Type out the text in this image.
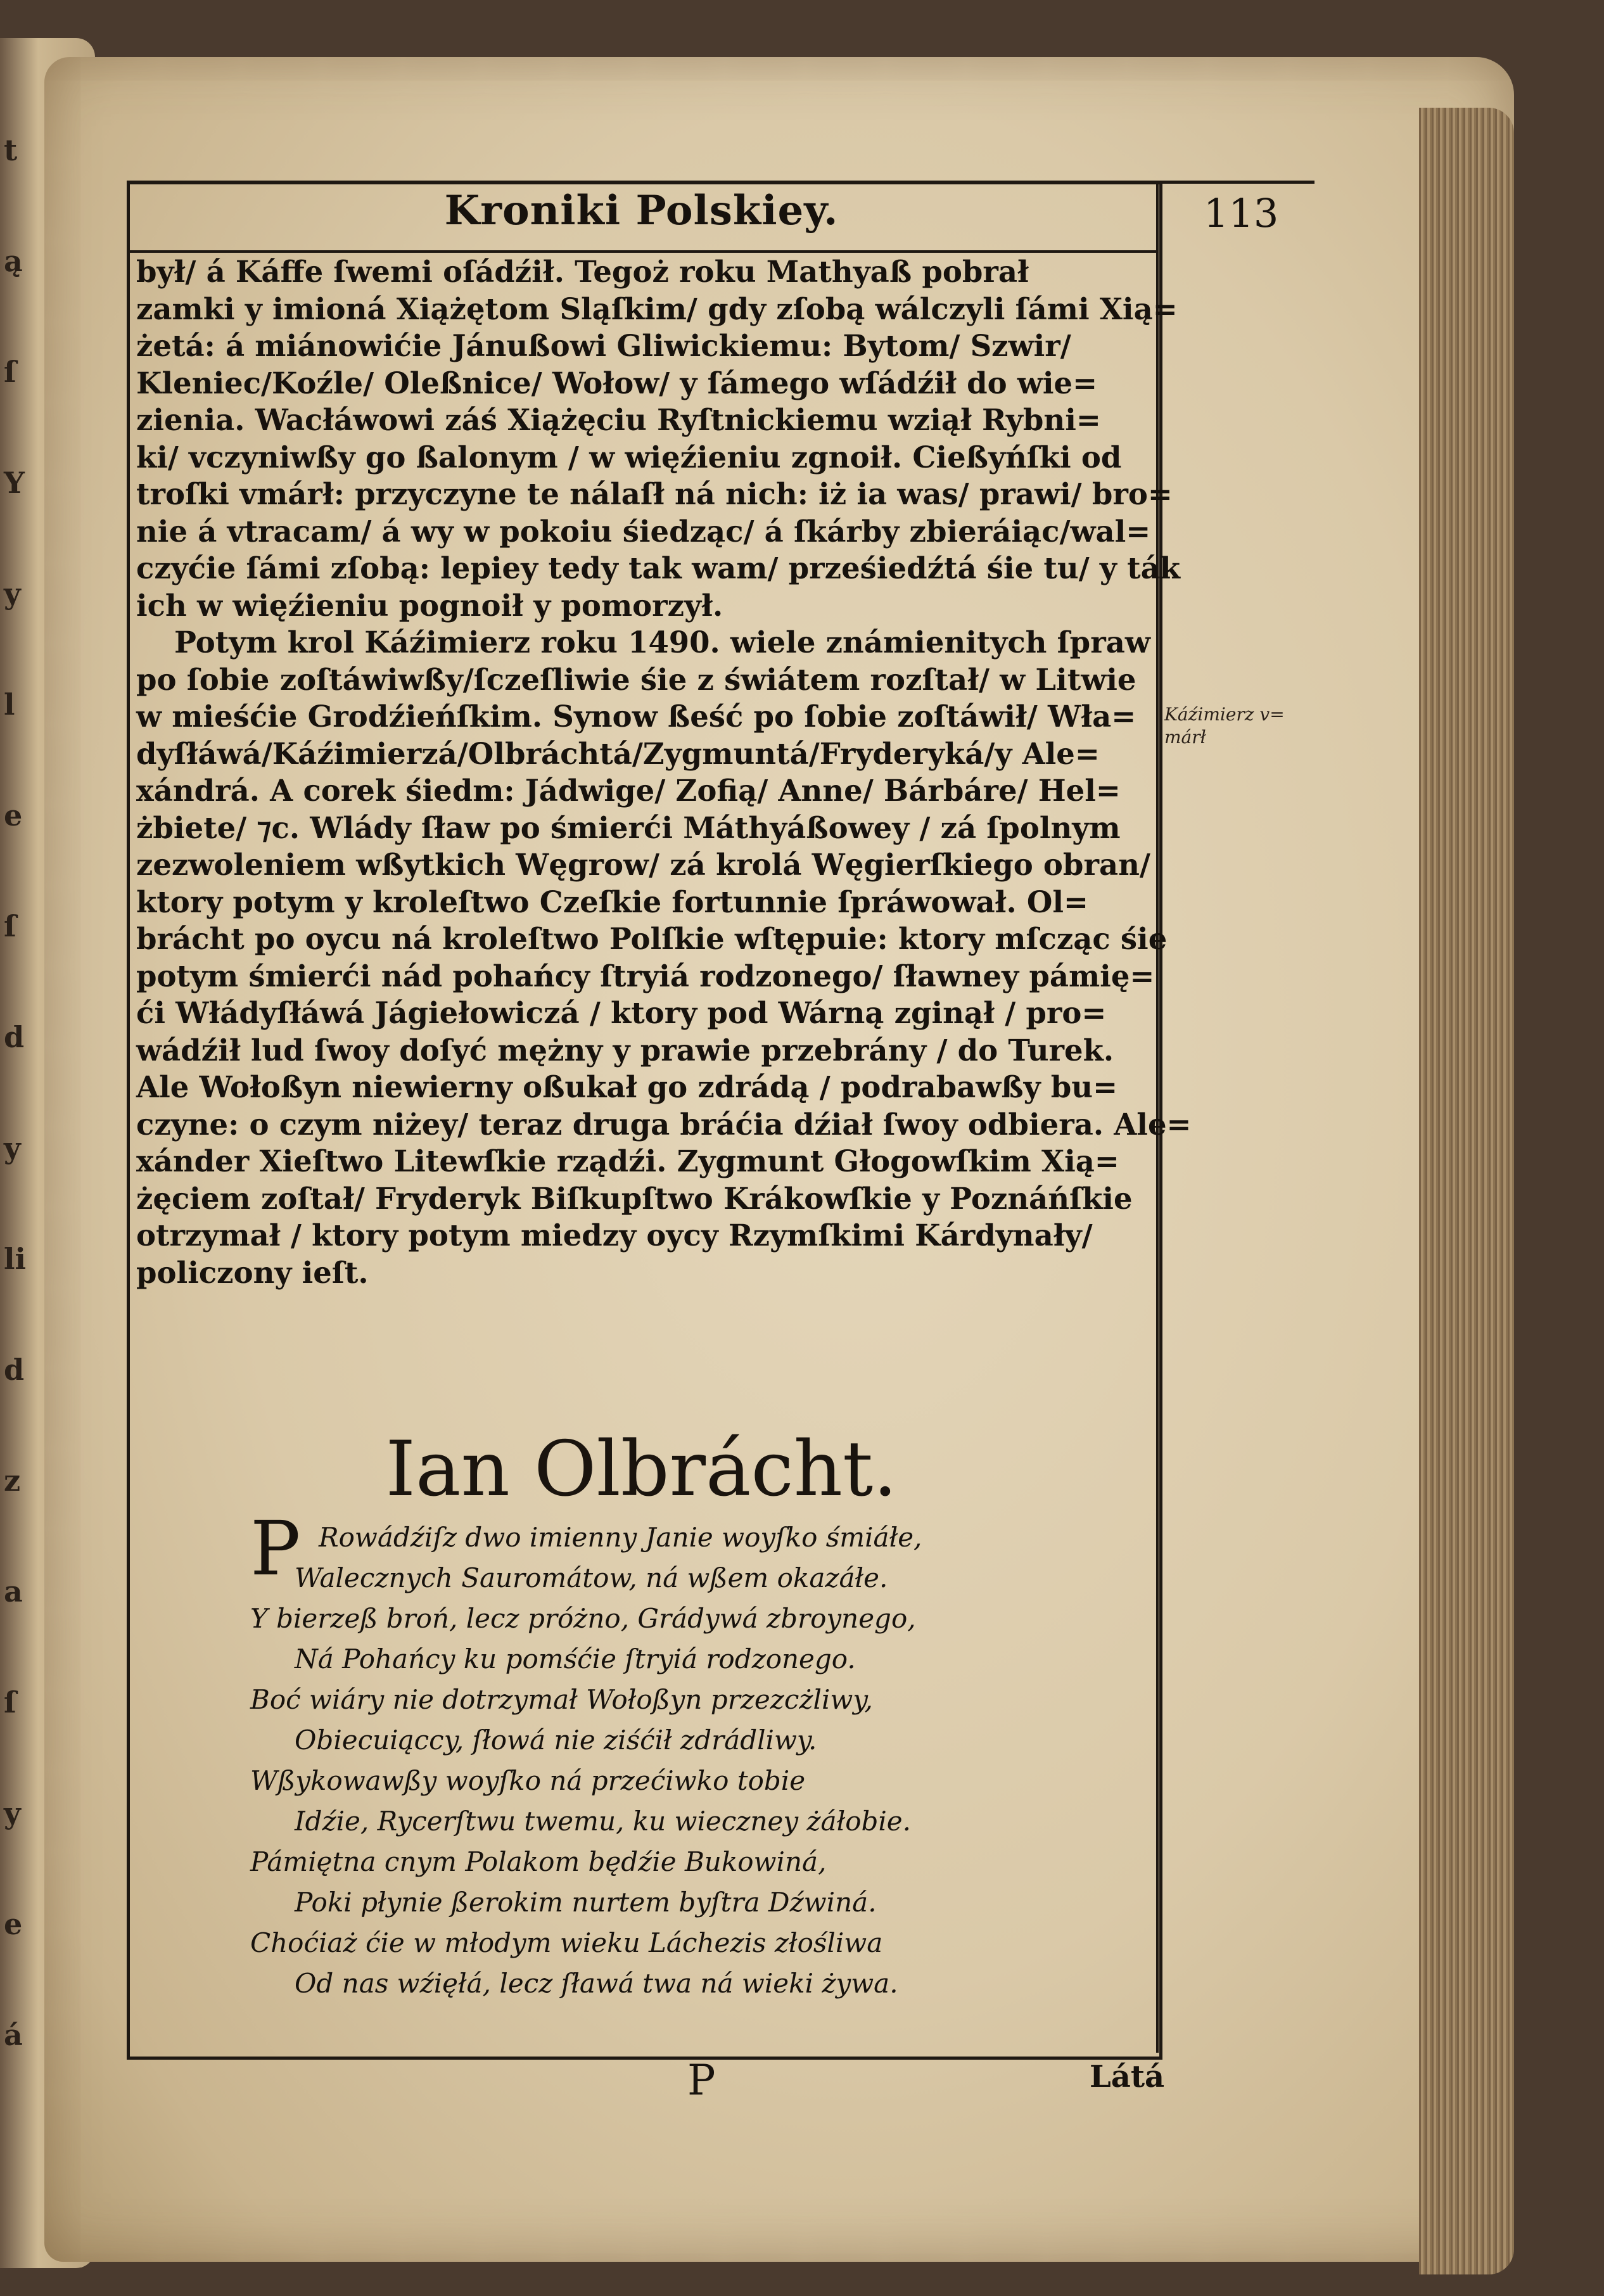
t
ą
ſ
Y
y
l
e
ſ
d
y
li
d
z
a
ſ
y
e
á
Kroniki Polskiey.	113
był/ á Káffe ſwemi oſádźił. Tegoż roku Mathyaß pobrał
zamki y imioná Xiążętom Sląſkim/ gdy zſobą wálczyli ſámi Xią=
żetá: á miánowićie Jánußowi Gliwickiemu: Bytom/ Szwir/
Kleniec/Koźle/ Oleßnice/ Wołow/ y ſámego wſádźił do wie=
zienia. Wacłáwowi záś Xiążęciu Ryſtnickiemu wziął Rybni=
ki/ vczyniwßy go ßalonym / w więźieniu zgnoił. Cießyńſki od
troſki vmárł: przyczyne te nálaſł ná nich: iż ia was/ prawi/ bro=
nie á vtracam/ á wy w pokoiu śiedząc/ á ſkárby zbieráiąc/wal=
czyćie ſámi zſobą: lepiey tedy tak wam/ prześiedźtá śie tu/ y ták
ich w więźieniu pognoił y pomorzył.
Potym krol Káźimierz roku 1490. wiele známienitych ſpraw
po ſobie zoſtáwiwßy/ſczeſliwie śie z świátem rozſtał/ w Litwie
w mieśćie Grodźieńſkim. Synow ßeść po ſobie zoſtáwił/ Wła=
dyſłáwá/Káźimierzá/Olbráchtá/Zygmuntá/Fryderyká/y Ale=
xándrá. A corek śiedm: Jádwige/ Zofią/ Anne/ Bárbáre/ Hel=
żbiete/ ⁊c. Wlády ſław po śmierći Máthyáßowey / zá ſpolnym
zezwoleniem wßytkich Węgrow/ zá krolá Węgierſkiego obran/
ktory potym y kroleſtwo Czeſkie fortunnie ſpráwował. Ol=
brácht po oycu ná kroleſtwo Polſkie wſtępuie: ktory mſcząc śie
potym śmierći nád pohańcy ſtryiá rodzonego/ ſławney pámię=
ći Włádyſłáwá Jágiełowiczá / ktory pod Wárną zginął / pro=
wádźił lud ſwoy doſyć mężny y prawie przebrány / do Turek.
Ale Wołoßyn niewierny oßukał go zdrádą / podrabawßy bu=
czyne: o czym niżey/ teraz druga bráćia dźiał ſwoy odbiera. Ale=
xánder Xieſtwo Litewſkie rządźi. Zygmunt Głogowſkim Xią=
żęciem zoſtał/ Fryderyk Biſkupſtwo Krákowſkie y Poznáńſkie
otrzymał / ktory potym miedzy oycy Rzymſkimi Kárdynały/
policzony ieſt.
Káźimierz v= márł
Ian Olbrácht.
P Rowádźiſz dwo imienny Janie woyſko śmiáłe,
Walecznych Sauromátow, ná wßem okazáłe.
Y bierzeß broń, lecz próżno, Grádywá zbroynego,
Ná Pohańcy ku pomśćie ſtryiá rodzonego.
Boć wiáry nie dotrzymał Wołoßyn przezcżliwy,
Obiecuiąccy, ſłowá nie ziśćił zdrádliwy.
Wßykowawßy woyſko ná przećiwko tobie
Idźie, Rycerſtwu twemu, ku wieczney żáłobie.
Pámiętna cnym Polakom będźie Bukowiná,
Poki płynie ßerokim nurtem byſtra Dźwiná.
Choćiaż ćie w młodym wieku Láchezis złośliwa
Od nas wźięłá, lecz ſławá twa ná wieki żywa.
P	Látá
